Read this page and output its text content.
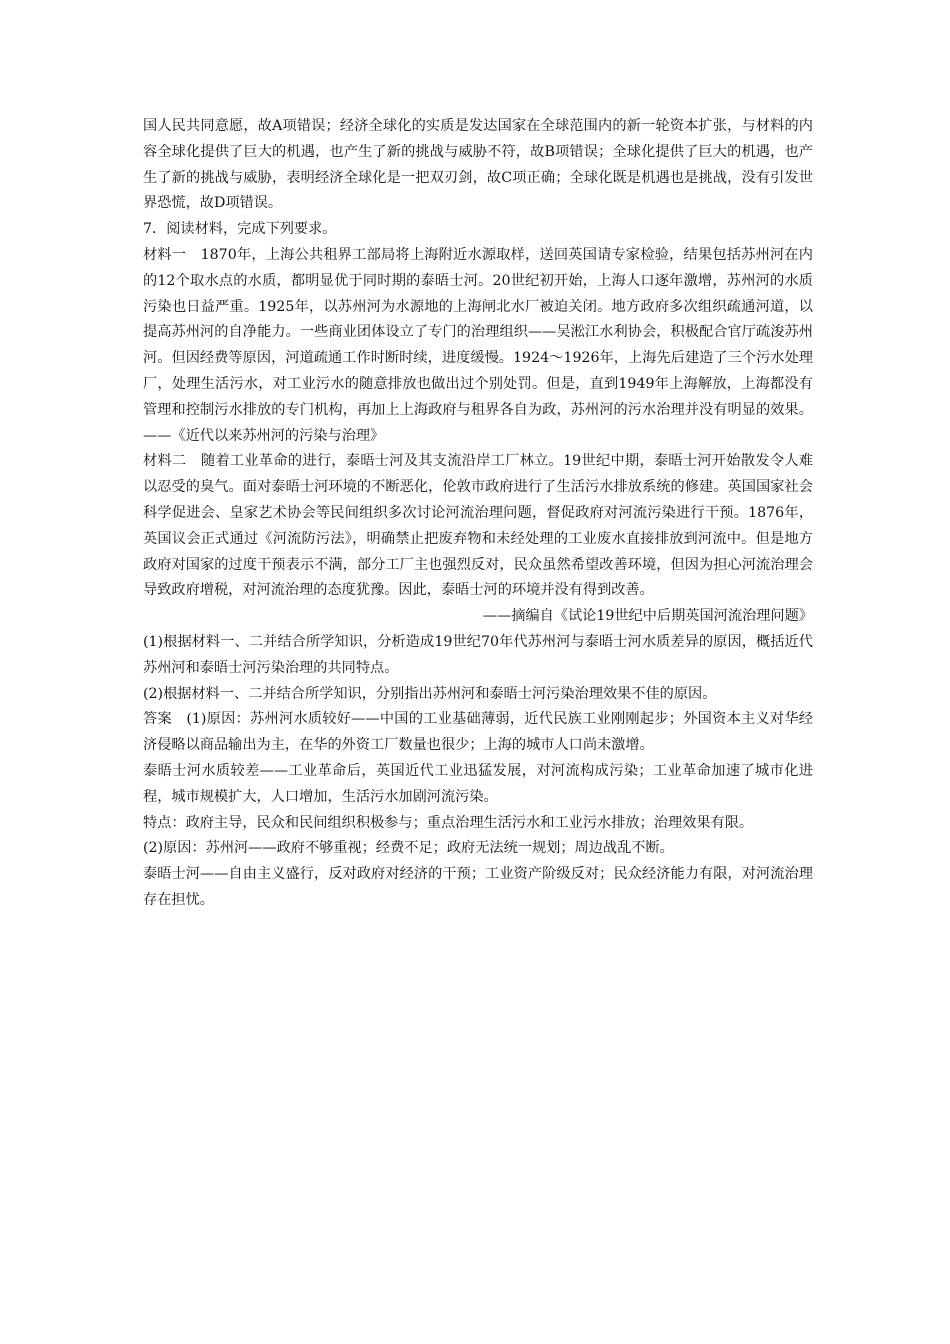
国人民共同意愿，故A项错误；经济全球化的实质是发达国家在全球范围内的新一轮资本扩张，与材料的内容全球化提供了巨大的机遇，也产生了新的挑战与威胁不符，故B项错误；全球化提供了巨大的机遇，也产生了新的挑战与威胁，表明经济全球化是一把双刃剑，故C项正确；全球化既是机遇也是挑战，没有引发世界恐慌，故D项错误。

7．阅读材料，完成下列要求。

材料一　1870年，上海公共租界工部局将上海附近水源取样，送回英国请专家检验，结果包括苏州河在内的12个取水点的水质，都明显优于同时期的泰晤士河。20世纪初开始，上海人口逐年激增，苏州河的水质污染也日益严重。1925年，以苏州河为水源地的上海闸北水厂被迫关闭。地方政府多次组织疏通河道，以提高苏州河的自净能力。一些商业团体设立了专门的治理组织——吴淞江水利协会，积极配合官厅疏浚苏州河。但因经费等原因，河道疏通工作时断时续，进度缓慢。1924～1926年，上海先后建造了三个污水处理厂，处理生活污水，对工业污水的随意排放也做出过个别处罚。但是，直到1949年上海解放，上海都没有管理和控制污水排放的专门机构，再加上上海政府与租界各自为政，苏州河的污水治理并没有明显的效果。——《近代以来苏州河的污染与治理》

材料二　随着工业革命的进行，泰晤士河及其支流沿岸工厂林立。19世纪中期，泰晤士河开始散发令人难以忍受的臭气。面对泰晤士河环境的不断恶化，伦敦市政府进行了生活污水排放系统的修建。英国国家社会科学促进会、皇家艺术协会等民间组织多次讨论河流治理问题，督促政府对河流污染进行干预。1876年，英国议会正式通过《河流防污法》，明确禁止把废弃物和未经处理的工业废水直接排放到河流中。但是地方政府对国家的过度干预表示不满，部分工厂主也强烈反对，民众虽然希望改善环境，但因为担心河流治理会导致政府增税，对河流治理的态度犹豫。因此，泰晤士河的环境并没有得到改善。

——摘编自《试论19世纪中后期英国河流治理问题》

(1)根据材料一、二并结合所学知识，分析造成19世纪70年代苏州河与泰晤士河水质差异的原因，概括近代苏州河和泰晤士河污染治理的共同特点。

(2)根据材料一、二并结合所学知识，分别指出苏州河和泰晤士河污染治理效果不佳的原因。

答案　(1)原因：苏州河水质较好——中国的工业基础薄弱，近代民族工业刚刚起步；外国资本主义对华经济侵略以商品输出为主，在华的外资工厂数量也很少；上海的城市人口尚未激增。

泰晤士河水质较差——工业革命后，英国近代工业迅猛发展，对河流构成污染；工业革命加速了城市化进程，城市规模扩大，人口增加，生活污水加剧河流污染。

特点：政府主导，民众和民间组织积极参与；重点治理生活污水和工业污水排放；治理效果有限。

(2)原因：苏州河——政府不够重视；经费不足；政府无法统一规划；周边战乱不断。

泰晤士河——自由主义盛行，反对政府对经济的干预；工业资产阶级反对；民众经济能力有限，对河流治理存在担忧。
